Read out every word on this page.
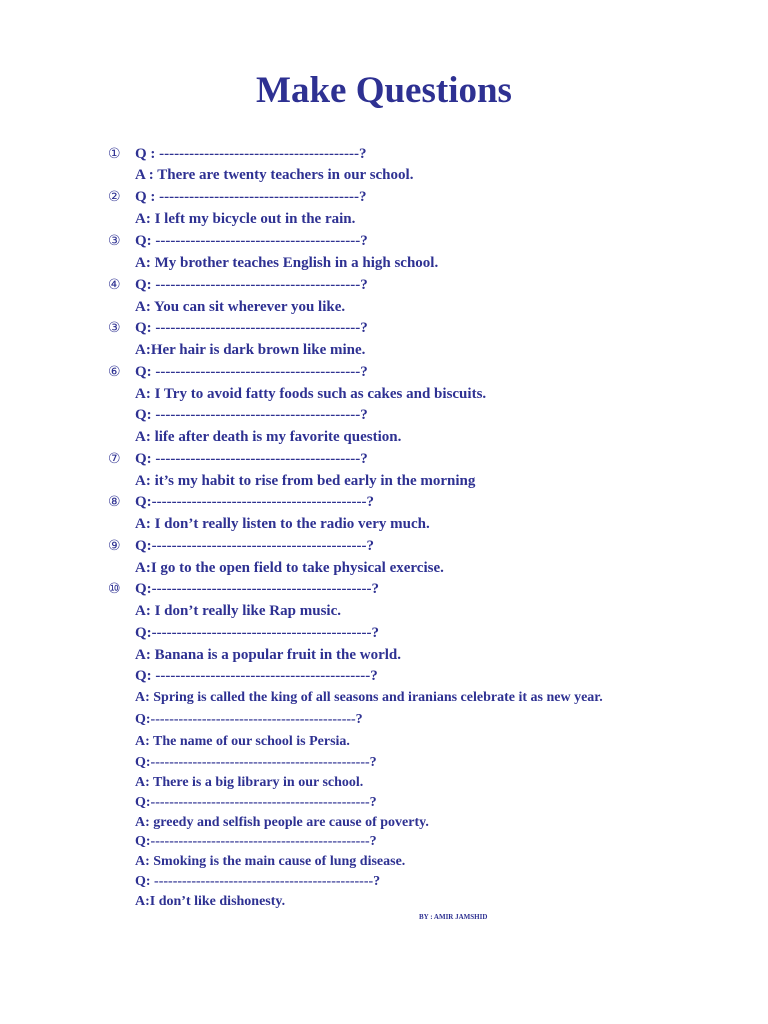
Make Questions
①
②
③
④
③
⑥
⑦
⑧
⑨
⑩
Q : ----------------------------------------?
A : There are twenty teachers in our school.
Q : ----------------------------------------?
A: I left my bicycle out in the rain.
Q: -----------------------------------------?
A: My brother teaches English in a high school.
Q: -----------------------------------------?
A: You can sit wherever you like.
Q: -----------------------------------------?
A:Her hair is dark brown like mine.
Q: -----------------------------------------?
A: I Try to avoid fatty foods such as cakes and biscuits.
Q: -----------------------------------------?
A: life after death is my favorite question.
Q: -----------------------------------------?
A: it’s my habit to rise from bed early in the morning
Q:-------------------------------------------?
A: I don’t really listen to the radio very much.
Q:-------------------------------------------?
A:I go to the open field to take physical exercise.
Q:--------------------------------------------?
A: I don’t really like Rap music.
Q:--------------------------------------------?
A: Banana is a popular fruit in the world.
Q: -------------------------------------------?
A: Spring is called the king of all seasons and iranians celebrate it as new year.
Q:--------------------------------------------?
A: The name of our school is Persia.
Q:-----------------------------------------------?
A: There is a big library in our school.
Q:-----------------------------------------------?
A: greedy and selfish people are cause of poverty.
Q:-----------------------------------------------?
A: Smoking is the main cause of lung disease.
Q: -----------------------------------------------?
A:I don’t like dishonesty.
BY : AMIR JAMSHID
